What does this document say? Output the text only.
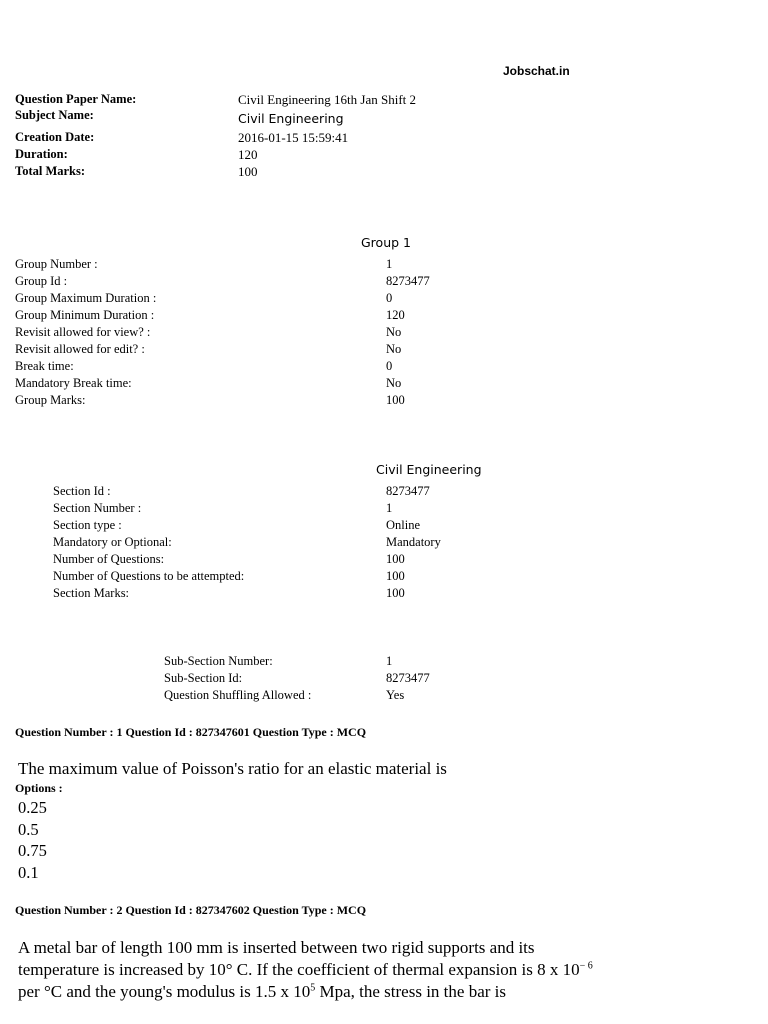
Jobschat.in
Question Paper Name:
Subject Name:
Creation Date:
Duration:
Total Marks:
Civil Engineering 16th Jan Shift 2
Civil Engineering
2016-01-15 15:59:41
120
100
Group 1
Group Number :
Group Id :
Group Maximum Duration :
Group Minimum Duration :
Revisit allowed for view? :
Revisit allowed for edit? :
Break time:
Mandatory Break time:
Group Marks:
1
8273477
0
120
No
No
0
No
100
Civil Engineering
Section Id :
Section Number :
Section type :
Mandatory or Optional:
Number of Questions:
Number of Questions to be attempted:
Section Marks:
8273477
1
Online
Mandatory
100
100
100
Sub-Section Number:
Sub-Section Id:
Question Shuffling Allowed :
1
8273477
Yes
Question Number : 1 Question Id : 827347601 Question Type : MCQ
The maximum value of Poisson's ratio for an elastic material is
Options :
0.25
0.5
0.75
0.1
Question Number : 2 Question Id : 827347602 Question Type : MCQ
A metal bar of length 100 mm is inserted between two rigid supports and its
temperature is increased by 10° C. If the coefficient of thermal expansion is 8 x $10^{- 6}$
per °C and the young's modulus is 1.5 x $10^5$ Mpa, the stress in the bar is
